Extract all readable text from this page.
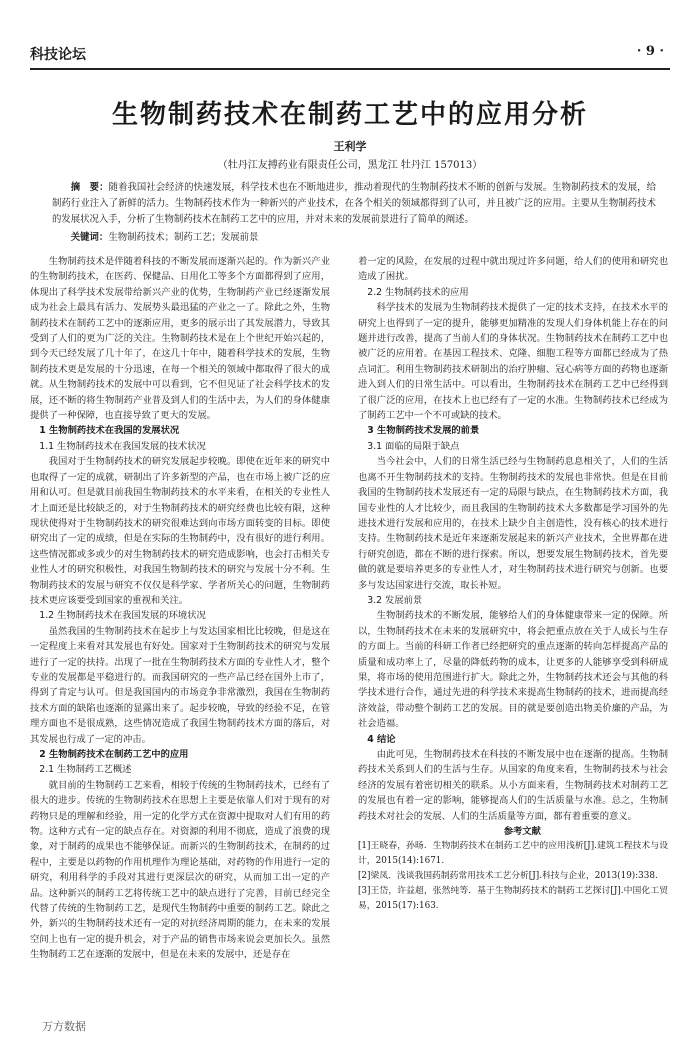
科技论坛	· 9 ·
生物制药技术在制药工艺中的应用分析
王利学
（牡丹江友搏药业有限责任公司，黑龙江 牡丹江 157013）
摘　要：随着我国社会经济的快速发展，科学技术也在不断地进步，推动着现代的生物制药技术不断的创新与发展。生物制药技术的发展，给制药行业注入了新鲜的活力。生物制药技术作为一种新兴的产业技术，在各个相关的领域都得到了认可，并且被广泛的应用。主要从生物制药技术的发展状况入手，分析了生物制药技术在制药工艺中的应用，并对未来的发展前景进行了简单的阐述。
关键词：生物制药技术；制药工艺；发展前景

生物制药技术是伴随着科技的不断发展而逐渐兴起的。作为新兴产业的生物制药技术，在医药、保健品、日用化工等多个方面都得到了应用，体现出了科学技术发展带给新兴产业的优势，生物制药产业已经逐渐发展成为社会上最具有活力、发展势头最迅猛的产业之一了。除此之外，生物制药技术在制药工艺中的逐渐应用，更多的展示出了其发展潜力，导致其受到了人们的更为广泛的关注。生物制药技术是在上个世纪开始兴起的，到今天已经发展了几十年了，在这几十年中，随着科学技术的发展，生物制药技术更是发展的十分迅速，在每一个相关的领域中都取得了很大的成就。从生物制药技术的发展中可以看到，它不但见证了社会科学技术的发展，还不断的将生物制药产业普及到人们的生活中去，为人们的身体健康提供了一种保障，也直接导致了更大的发展。

1 生物制药技术在我国的发展状况

1.1 生物制药技术在我国发展的技术状况

我国对于生物制药技术的研究发展起步较晚。即使在近年来的研究中也取得了一定的成就，研制出了许多新型的产品，也在市场上被广泛的应用和认可。但是就目前我国生物制药技术的水平来看，在相关的专业性人才上面还是比较缺乏的，对于生物制药技术的研究经费也比较有限，这种现状使得对于生物制药技术的研究很难达到向市场方面转变的目标。即使研究出了一定的成绩，但是在实际的生物制药中，没有很好的进行利用。这些情况都或多或少的对生物制药技术的研究造成影响，也会打击相关专业性人才的研究积极性，对我国生物制药技术的研究与发展十分不利。生物制药技术的发展与研究不仅仅是科学家、学者所关心的问题，生物制药技术更应该要受到国家的重视和关注。

1.2 生物制药技术在我国发展的环境状况

虽然我国的生物制药技术在起步上与发达国家相比比较晚，但是这在一定程度上来看对其发展也有好处。国家对于生物制药技术的研究与发展进行了一定的扶持。出现了一批在生物制药技术方面的专业性人才，整个专业的发展都是平稳进行的。而我国研究的一些产品已经在国外上市了，得到了肯定与认可。但是我国国内的市场竞争非常激烈，我国在生物制药技术方面的缺陷也逐渐的显露出来了。起步较晚，导致的经验不足，在管理方面也不是很成熟，这些情况造成了我国生物制药技术方面的落后，对其发展也行成了一定的冲击。

2 生物制药技术在制药工艺中的应用

2.1 生物制药工艺概述

就目前的生物制药工艺来看，相较于传统的生物制药技术，已经有了很大的进步。传统的生物制药技术在思想上主要是依靠人们对于现有的对药物只是的理解和经验，用一定的化学方式在资源中提取对人们有用的药物。这种方式有一定的缺点存在。对资源的利用不彻底，造成了浪费的现象，对于制药的成果也不能够保证。而新兴的生物制药技术，在制药的过程中，主要是以药物的作用机理作为理论基础，对药物的作用进行一定的研究，利用科学的手段对其进行更深层次的研究，从而加工出一定的产品。这种新兴的制药工艺将传统工艺中的缺点进行了完善，目前已经完全代替了传统的生物制药工艺，是现代生物制药中重要的制药工艺。除此之外，新兴的生物制药技术还有一定的对抗经济周期的能力，在未来的发展空间上也有一定的提升机会，对于产品的销售市场来说会更加长久。虽然生物制药工艺在逐渐的发展中，但是在未来的发展中，还是存在

着一定的风险，在发展的过程中就出现过许多问题，给人们的使用和研究也造成了困扰。

2.2 生物制药技术的应用

科学技术的发展为生物制药技术提供了一定的技术支持，在技术水平的研究上也得到了一定的提升，能够更加精准的发现人们身体机能上存在的问题并进行改善，提高了当前人们的身体状况。生物制药技术在制药工艺中也被广泛的应用着。在基因工程技术、克隆、细胞工程等方面都已经成为了热点词汇。利用生物制药技术研制出的治疗肿瘤、冠心病等方面的药物也逐渐进入到人们的日常生活中。可以看出，生物制药技术在制药工艺中已经得到了很广泛的应用，在技术上也已经有了一定的水准。生物制药技术已经成为了制药工艺中一个不可或缺的技术。

3 生物制药技术发展的前景

3.1 面临的局限于缺点

当今社会中，人们的日常生活已经与生物制药息息相关了，人们的生活也离不开生物制药技术的支持。生物制药技术的发展也非常快。但是在目前我国的生物制药技术发展还有一定的局限与缺点，在生物制药技术方面，我国专业性的人才比较少，而且我国的生物制药技术大多数都是学习国外的先进技术进行发展和应用的，在技术上缺少自主创造性，没有核心的技术进行支持。生物制药技术是近年来逐渐发展起来的新兴产业技术，全世界都在进行研究创造，都在不断的进行探索。所以，想要发展生物制药技术，首先要做的就是要培养更多的专业性人才，对生物制药技术进行研究与创新。也要多与发达国家进行交流，取长补短。

3.2 发展前景

生物制药技术的不断发展，能够给人们的身体健康带来一定的保障。所以，生物制药技术在未来的发展研究中，将会把重点放在关于人成长与生存的方面上。当前的科研工作者已经把研究的重点逐渐的转向怎样提高产品的质量和成功率上了，尽量的降低药物的成本，让更多的人能够享受到科研成果，将市场的使用范围进行扩大。除此之外，生物制药技术还会与其他的科学技术进行合作，通过先进的科学技术来提高生物制药的技术，进而提高经济效益，带动整个制药工艺的发展。目的就是要创造出物美价廉的产品，为社会造福。

4 结论

由此可见，生物制药技术在科技的不断发展中也在逐渐的提高。生物制药技术关系到人们的生活与生存。从国家的角度来看，生物制药技术与社会经济的发展有着密切相关的联系。从小方面来看，生物制药技术对制药工艺的发展也有着一定的影响，能够提高人们的生活质量与水准。总之，生物制药技术对社会的发展、人们的生活质量等方面，都有着重要的意义。

参考文献

[1]王晓春，孙旸．生物制药技术在制药工艺中的应用浅析[J].建筑工程技术与设计，2015(14):1671.

[2]梁凤．浅谈我国药制药常用技术工艺分析[J].科技与企业，2013(19):338.

[3]王岱，许益超，张然纯等．基于生物制药技术的制药工艺探讨[J].中国化工贸易，2015(17):163.

万方数据
